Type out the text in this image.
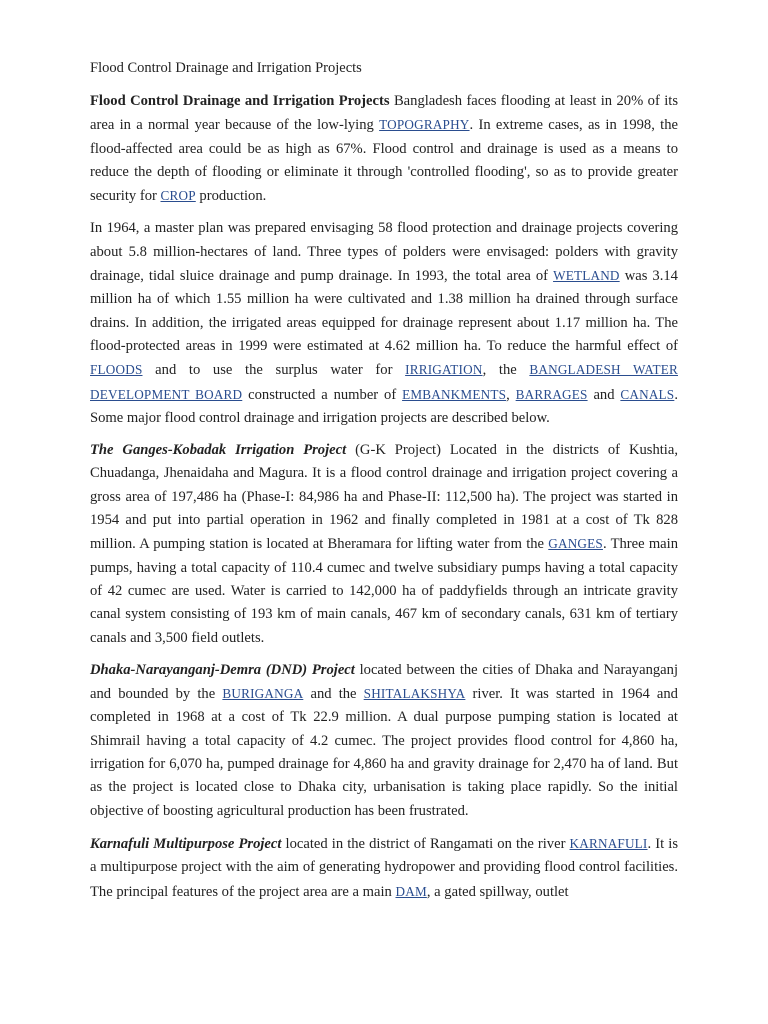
Flood Control Drainage and Irrigation Projects

Flood Control Drainage and Irrigation Projects Bangladesh faces flooding at least in 20% of its area in a normal year because of the low-lying TOPOGRAPHY. In extreme cases, as in 1998, the flood-affected area could be as high as 67%. Flood control and drainage is used as a means to reduce the depth of flooding or eliminate it through 'controlled flooding', so as to provide greater security for CROP production.

In 1964, a master plan was prepared envisaging 58 flood protection and drainage projects covering about 5.8 million-hectares of land. Three types of polders were envisaged: polders with gravity drainage, tidal sluice drainage and pump drainage. In 1993, the total area of WETLAND was 3.14 million ha of which 1.55 million ha were cultivated and 1.38 million ha drained through surface drains. In addition, the irrigated areas equipped for drainage represent about 1.17 million ha. The flood-protected areas in 1999 were estimated at 4.62 million ha. To reduce the harmful effect of FLOODS and to use the surplus water for IRRIGATION, the BANGLADESH WATER DEVELOPMENT BOARD constructed a number of EMBANKMENTS, BARRAGES and CANALS. Some major flood control drainage and irrigation projects are described below.

The Ganges-Kobadak Irrigation Project (G-K Project) Located in the districts of Kushtia, Chuadanga, Jhenaidaha and Magura. It is a flood control drainage and irrigation project covering a gross area of 197,486 ha (Phase-I: 84,986 ha and Phase-II: 112,500 ha). The project was started in 1954 and put into partial operation in 1962 and finally completed in 1981 at a cost of Tk 828 million. A pumping station is located at Bheramara for lifting water from the GANGES. Three main pumps, having a total capacity of 110.4 cumec and twelve subsidiary pumps having a total capacity of 42 cumec are used. Water is carried to 142,000 ha of paddyfields through an intricate gravity canal system consisting of 193 km of main canals, 467 km of secondary canals, 631 km of tertiary canals and 3,500 field outlets.

Dhaka-Narayanganj-Demra (DND) Project located between the cities of Dhaka and Narayanganj and bounded by the BURIGANGA and the SHITALAKSHYA river. It was started in 1964 and completed in 1968 at a cost of Tk 22.9 million. A dual purpose pumping station is located at Shimrail having a total capacity of 4.2 cumec. The project provides flood control for 4,860 ha, irrigation for 6,070 ha, pumped drainage for 4,860 ha and gravity drainage for 2,470 ha of land. But as the project is located close to Dhaka city, urbanisation is taking place rapidly. So the initial objective of boosting agricultural production has been frustrated.

Karnafuli Multipurpose Project located in the district of Rangamati on the river KARNAFULI. It is a multipurpose project with the aim of generating hydropower and providing flood control facilities. The principal features of the project area are a main DAM, a gated spillway, outlet
